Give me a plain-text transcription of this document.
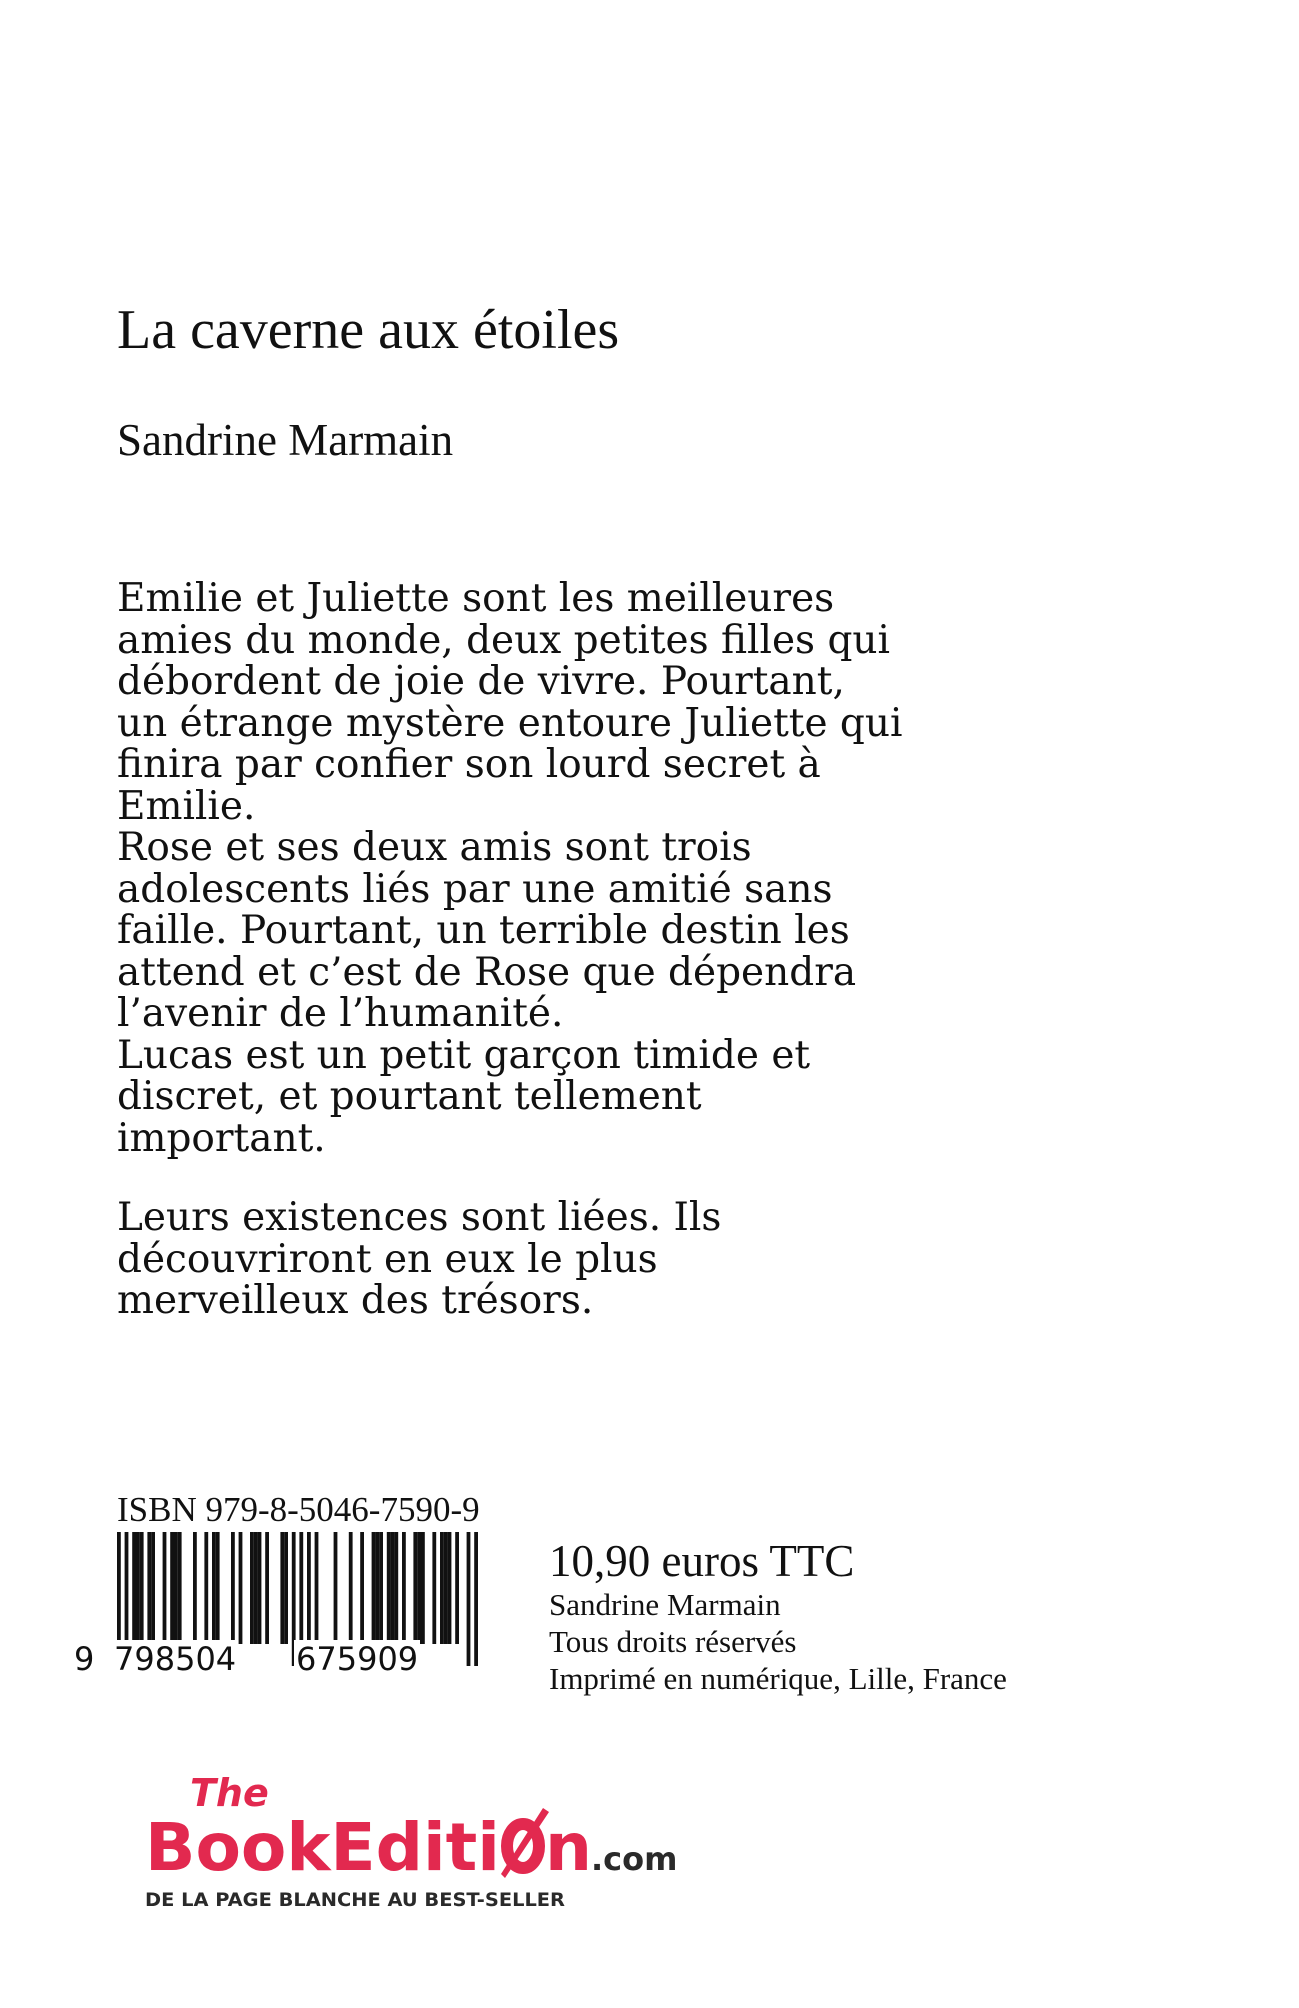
La caverne aux étoiles
Sandrine Marmain
Emilie et Juliette sont les meilleures
amies du monde, deux petites filles qui
débordent de joie de vivre. Pourtant,
un étrange mystère entoure Juliette qui
finira par confier son lourd secret à
Emilie.
Rose et ses deux amis sont trois
adolescents liés par une amitié sans
faille. Pourtant, un terrible destin les
attend et c’est de Rose que dépendra
l’avenir de l’humanité.
Lucas est un petit garçon timide et
discret, et pourtant tellement
important.
Leurs existences sont liées. Ils
découvriront en eux le plus
merveilleux des trésors.
ISBN 979-8-5046-7590-9
9 798504 675909
10,90 euros TTC
Sandrine Marmain
Tous droits réservés
Imprimé en numérique, Lille, France
The
BookEditi n .com
DE LA PAGE BLANCHE AU BEST-SELLER
